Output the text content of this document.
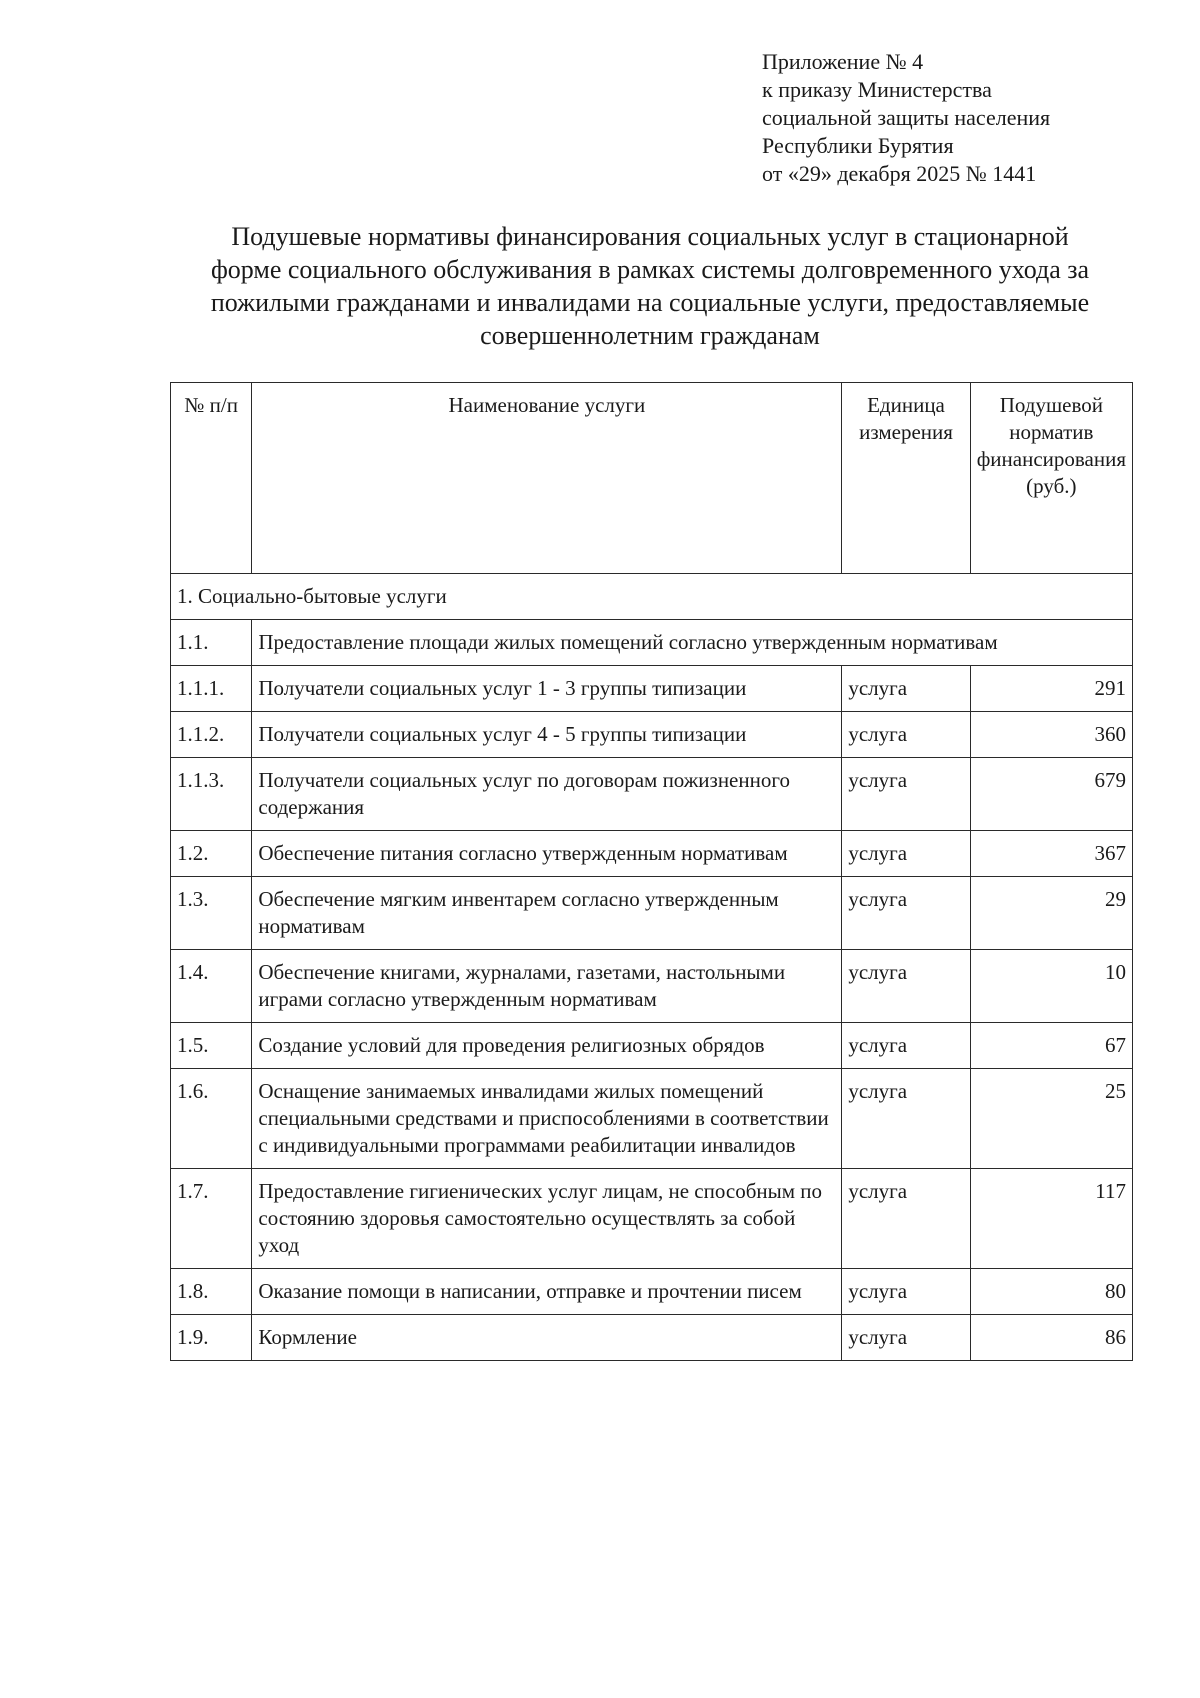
Приложение № 4
к приказу Министерства
социальной защиты населения
Республики Бурятия
от «29» декабря 2025 № 1441
Подушевые нормативы финансирования социальных услуг в стационарной
форме социального обслуживания в рамках системы долговременного ухода за
пожилыми гражданами и инвалидами на социальные услуги, предоставляемые
совершеннолетним гражданам
№ п/п	Наименование услуги	Единица измерения	Подушевой норматив финансирования (руб.)
1. Социально-бытовые услуги			
1.1.	Предоставление площади жилых помещений согласно утвержденным нормативам		
1.1.1.	Получатели социальных услуг 1 - 3 группы типизации	услуга	291
1.1.2.	Получатели социальных услуг 4 - 5 группы типизации	услуга	360
1.1.3.	Получатели социальных услуг по договорам пожизненного содержания	услуга	679
1.2.	Обеспечение питания согласно утвержденным нормативам	услуга	367
1.3.	Обеспечение мягким инвентарем согласно утвержденным нормативам	услуга	29
1.4.	Обеспечение книгами, журналами, газетами, настольными играми согласно утвержденным нормативам	услуга	10
1.5.	Создание условий для проведения религиозных обрядов	услуга	67
1.6.	Оснащение занимаемых инвалидами жилых помещений специальными средствами и приспособлениями в соответствии с индивидуальными программами реабилитации инвалидов	услуга	25
1.7.	Предоставление гигиенических услуг лицам, не способным по состоянию здоровья самостоятельно осуществлять за собой уход	услуга	117
1.8.	Оказание помощи в написании, отправке и прочтении писем	услуга	80
1.9.	Кормление	услуга	86
